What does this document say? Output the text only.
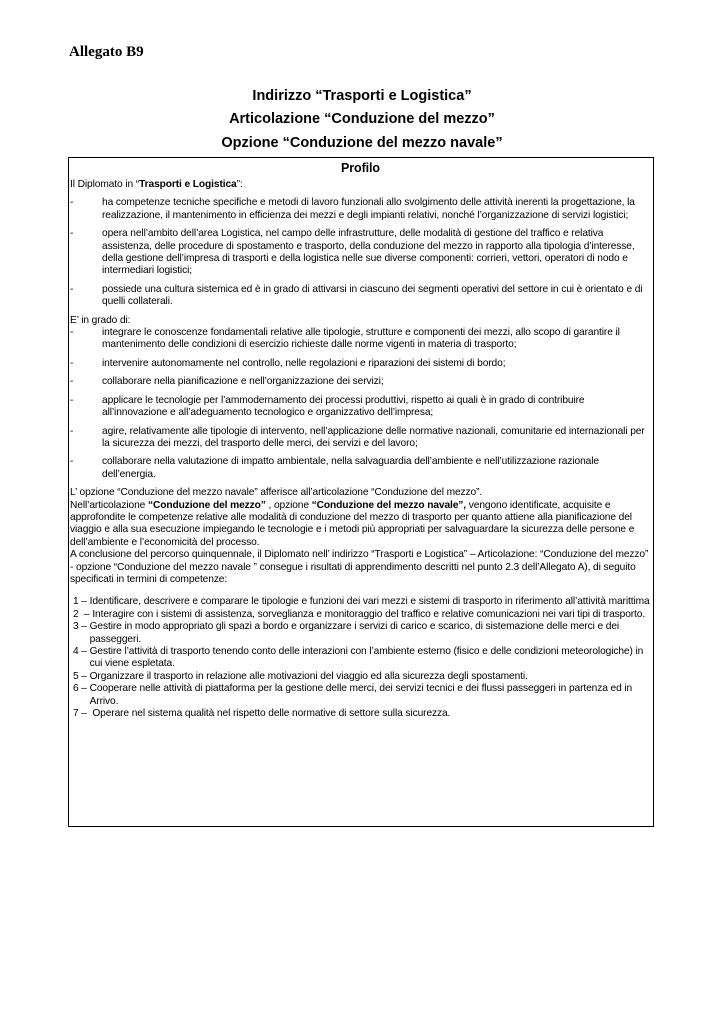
Allegato B9
Indirizzo “Trasporti e Logistica”
Articolazione “Conduzione del mezzo”
Opzione “Conduzione del mezzo navale”
Profilo

Il Diplomato in “Trasporti e Logistica”:

-	ha competenze tecniche specifiche e metodi di lavoro funzionali allo svolgimento delle attività inerenti la progettazione, la realizzazione, il mantenimento in efficienza dei mezzi e degli impianti relativi, nonché l’organizzazione di servizi logistici;
-	opera nell’ambito dell’area Logistica, nel campo delle infrastrutture, delle modalità di gestione del traffico e relativa assistenza, delle procedure di spostamento e trasporto, della conduzione del mezzo in rapporto alla tipologia d’interesse, della gestione dell’impresa di trasporti e della logistica nelle sue diverse componenti: corrieri, vettori, operatori di nodo e intermediari logistici;
-	possiede una cultura sistemica ed è in grado di attivarsi in ciascuno dei segmenti operativi del settore in cui è orientato e di quelli collaterali.

E’ in grado di:

-	integrare le conoscenze fondamentali relative alle tipologie, strutture e componenti dei mezzi, allo scopo di garantire il mantenimento delle condizioni di esercizio richieste dalle norme vigenti in materia di trasporto;
-	intervenire autonomamente nel controllo, nelle regolazioni e riparazioni dei sistemi di bordo;
-	collaborare nella pianificazione e nell’organizzazione dei servizi;
-	applicare le tecnologie per l’ammodernamento dei processi produttivi, rispetto ai quali è in grado di contribuire all’innovazione e all’adeguamento tecnologico e organizzativo dell’impresa;
-	agire, relativamente alle tipologie di intervento, nell’applicazione delle normative nazionali, comunitarie ed internazionali per la sicurezza dei mezzi, del trasporto delle merci, dei servizi e del lavoro;
-	collaborare nella valutazione di impatto ambientale, nella salvaguardia dell’ambiente e nell’utilizzazione razionale dell’energia.

L’ opzione “Conduzione del mezzo navale” afferisce all’articolazione “Conduzione del mezzo”.

Nell’articolazione “Conduzione del mezzo” , opzione “Conduzione del mezzo navale”, vengono identificate, acquisite e approfondite le competenze relative alle modalità di conduzione del mezzo di trasporto per quanto attiene alla pianificazione del viaggio e alla sua esecuzione impiegando le tecnologie e i metodi più appropriati per salvaguardare la sicurezza delle persone e dell’ambiente e l’economicità del processo.

A conclusione del percorso quinquennale, il Diplomato nell’ indirizzo “Trasporti e Logistica” – Articolazione: “Conduzione del mezzo” - opzione “Conduzione del mezzo navale ” consegue i risultati di apprendimento descritti nel punto 2.3 dell’Allegato A), di seguito specificati in termini di competenze:

1 – Identificare, descrivere e comparare le tipologie e funzioni dei vari mezzi e sistemi di trasporto in riferimento all’attività marittima
2  – Interagire con i sistemi di assistenza, sorveglianza e monitoraggio del traffico e relative comunicazioni nei vari tipi di trasporto.
3 – Gestire in modo appropriato gli spazi a bordo e organizzare i servizi di carico e scarico, di sistemazione delle merci e dei passeggeri.
4 – Gestire l’attività di trasporto tenendo conto delle interazioni con l’ambiente esterno (fisico e delle condizioni meteorologiche) in cui viene espletata.
5 – Organizzare il trasporto in relazione alle motivazioni del viaggio ed alla sicurezza degli spostamenti.
6 – Cooperare nelle attività di piattaforma per la gestione delle merci, dei servizi tecnici e dei flussi passeggeri in partenza ed in Arrivo.
7 – Operare nel sistema qualità nel rispetto delle normative di settore sulla sicurezza.
